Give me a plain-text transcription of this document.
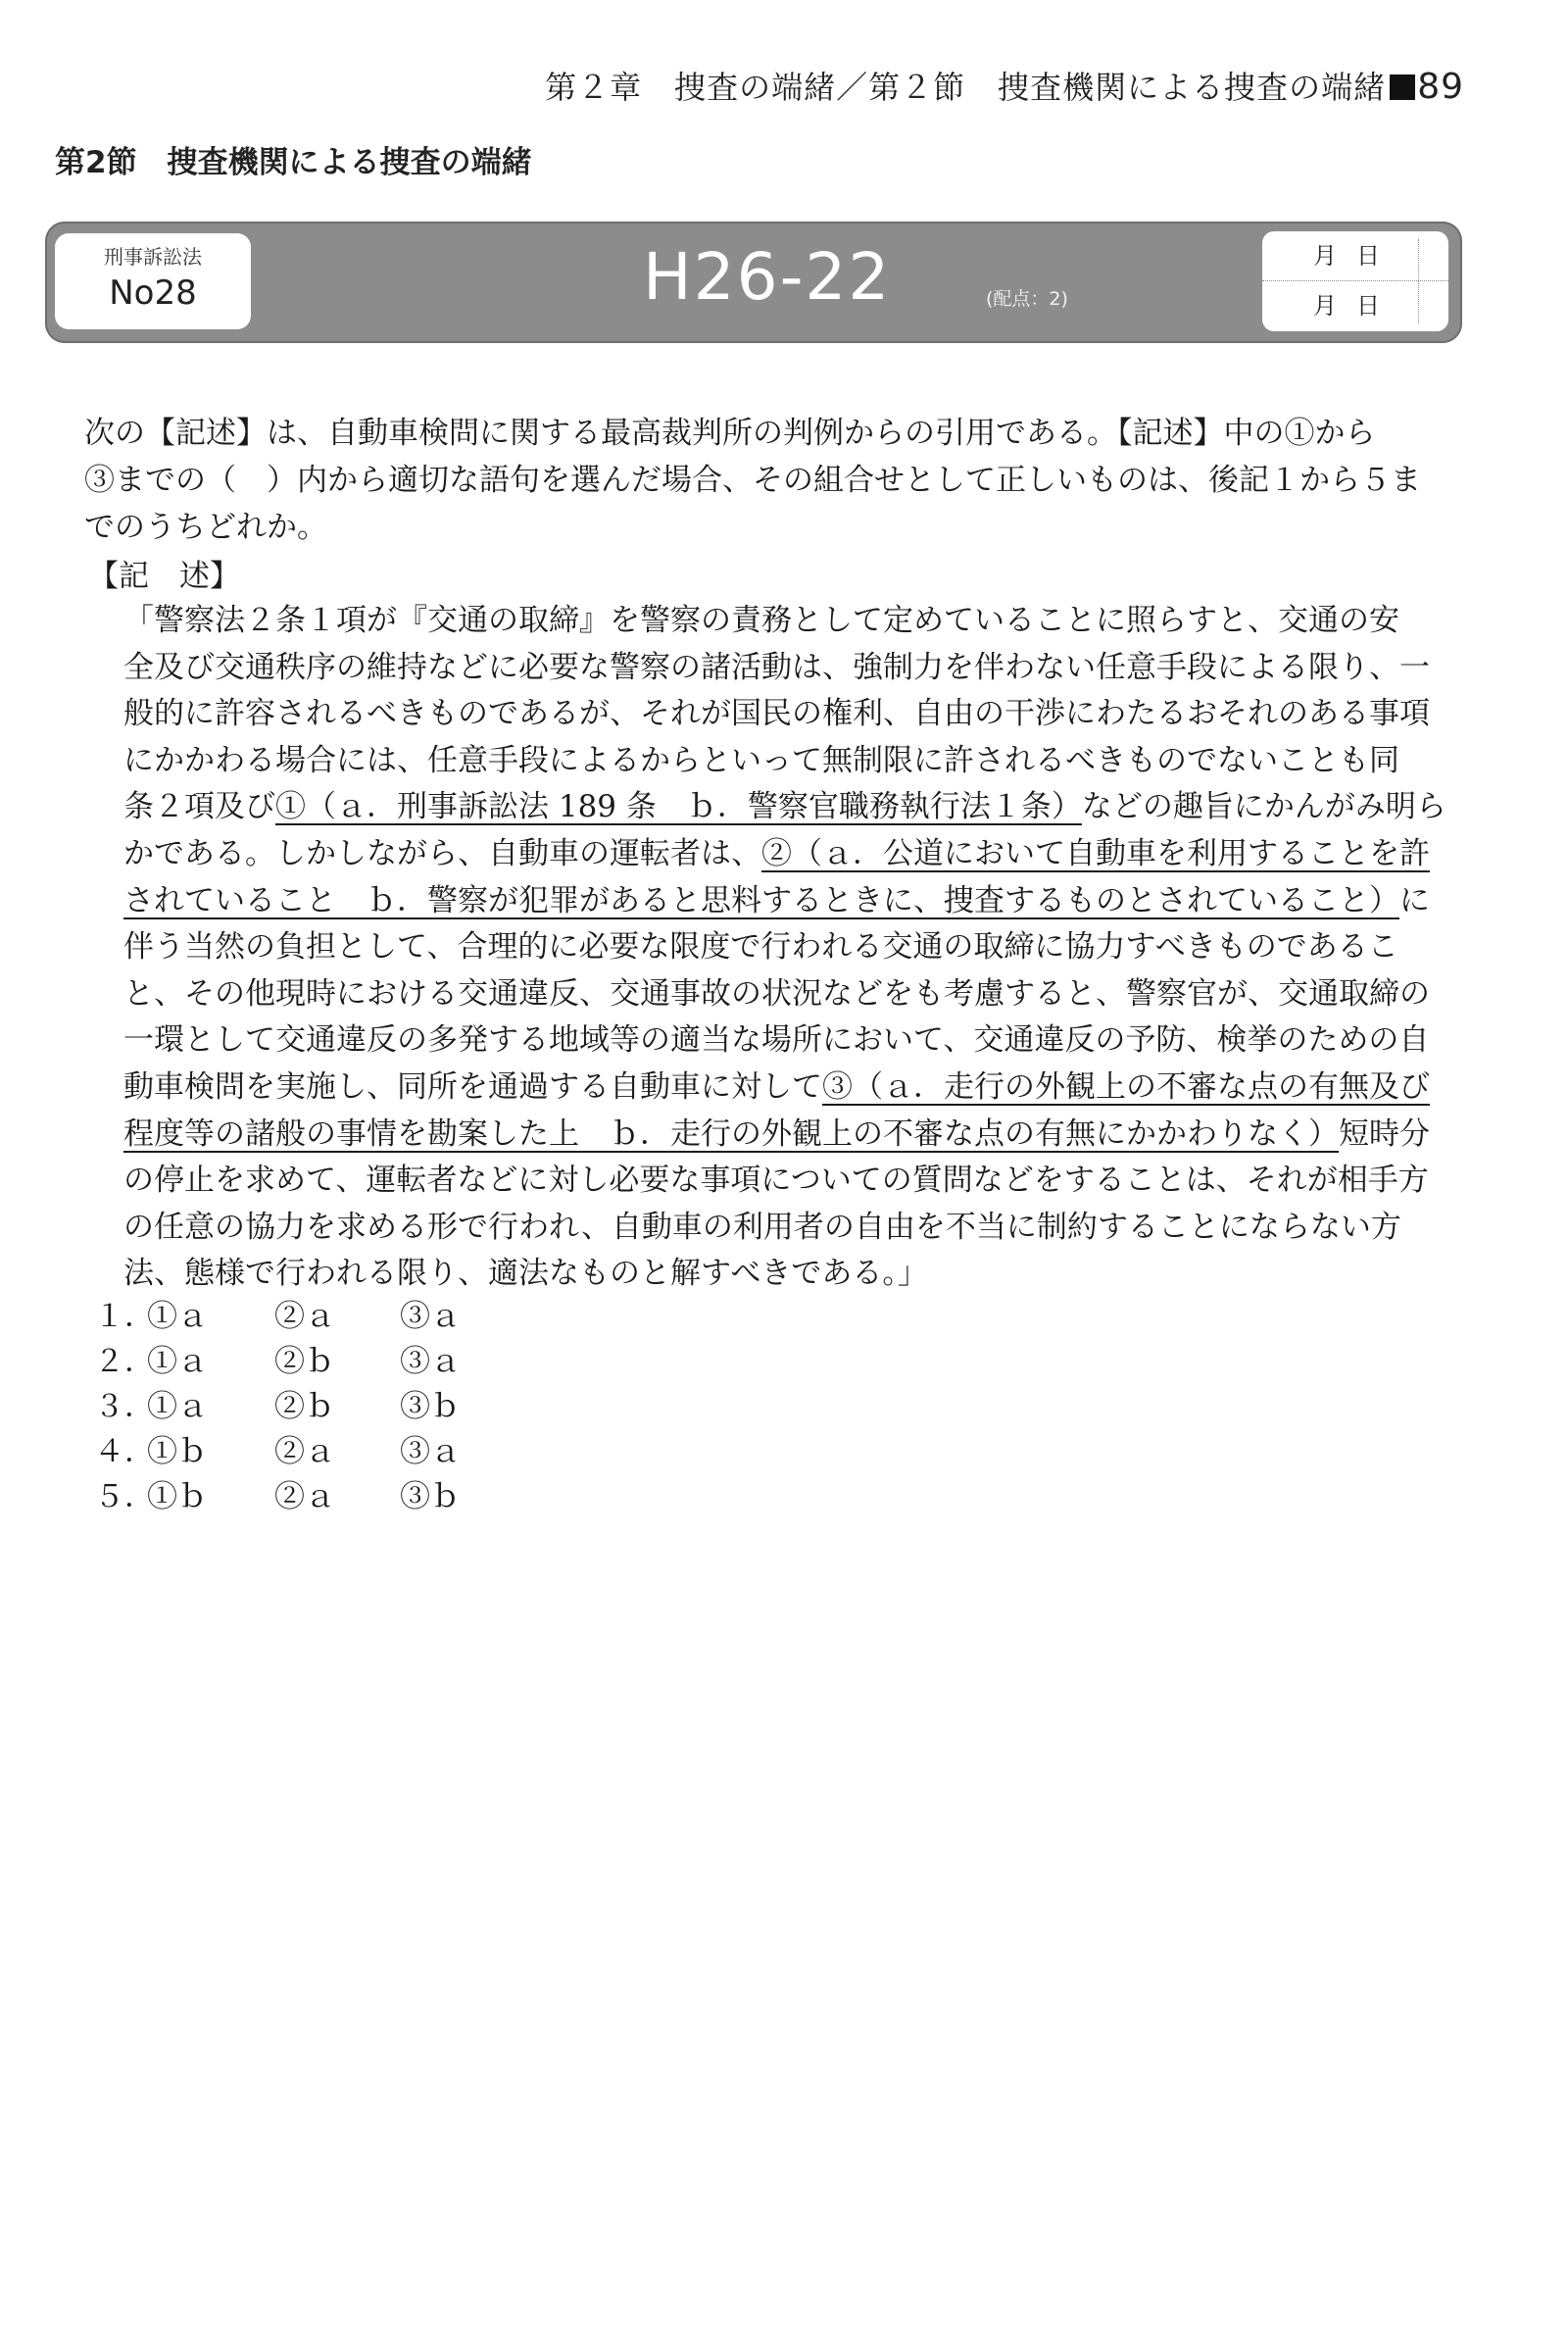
第２章　捜査の端緒／第２節　捜査機関による捜査の端緒 89
第2節　捜査機関による捜査の端緒
刑事訴訟法
No28	H26-22	(配点：2)
月日
月日

次の【記述】は、自動車検問に関する最高裁判所の判例からの引用である。【記述】中の①から
③までの（　）内から適切な語句を選んだ場合、その組合せとして正しいものは、後記１から５ま
でのうちどれか。

【記　述】
「警察法２条１項が『交通の取締』を警察の責務として定めていることに照らすと、交通の安
全及び交通秩序の維持などに必要な警察の諸活動は、強制力を伴わない任意手段による限り、一
般的に許容されるべきものであるが、それが国民の権利、自由の干渉にわたるおそれのある事項
にかかわる場合には、任意手段によるからといって無制限に許されるべきものでないことも同
条２項及び①（ａ．刑事訴訟法 189 条　ｂ．警察官職務執行法１条）などの趣旨にかんがみ明ら
かである。しかしながら、自動車の運転者は、②（ａ．公道において自動車を利用することを許
されていること　ｂ．警察が犯罪があると思料するときに、捜査するものとされていること）に
伴う当然の負担として、合理的に必要な限度で行われる交通の取締に協力すべきものであるこ
と、その他現時における交通違反、交通事故の状況などをも考慮すると、警察官が、交通取締の
一環として交通違反の多発する地域等の適当な場所において、交通違反の予防、検挙のための自
動車検問を実施し、同所を通過する自動車に対して③（ａ．走行の外観上の不審な点の有無及び
程度等の諸般の事情を勘案した上　ｂ．走行の外観上の不審な点の有無にかかわりなく）短時分
の停止を求めて、運転者などに対し必要な事項についての質問などをすることは、それが相手方
の任意の協力を求める形で行われ、自動車の利用者の自由を不当に制約することにならない方
法、態様で行われる限り、適法なものと解すべきである。」
１．①ａ ②ａ ③ａ
２．①ａ ②ｂ ③ａ
３．①ａ ②ｂ ③ｂ
４．①ｂ ②ａ ③ａ
５．①ｂ ②ａ ③ｂ
